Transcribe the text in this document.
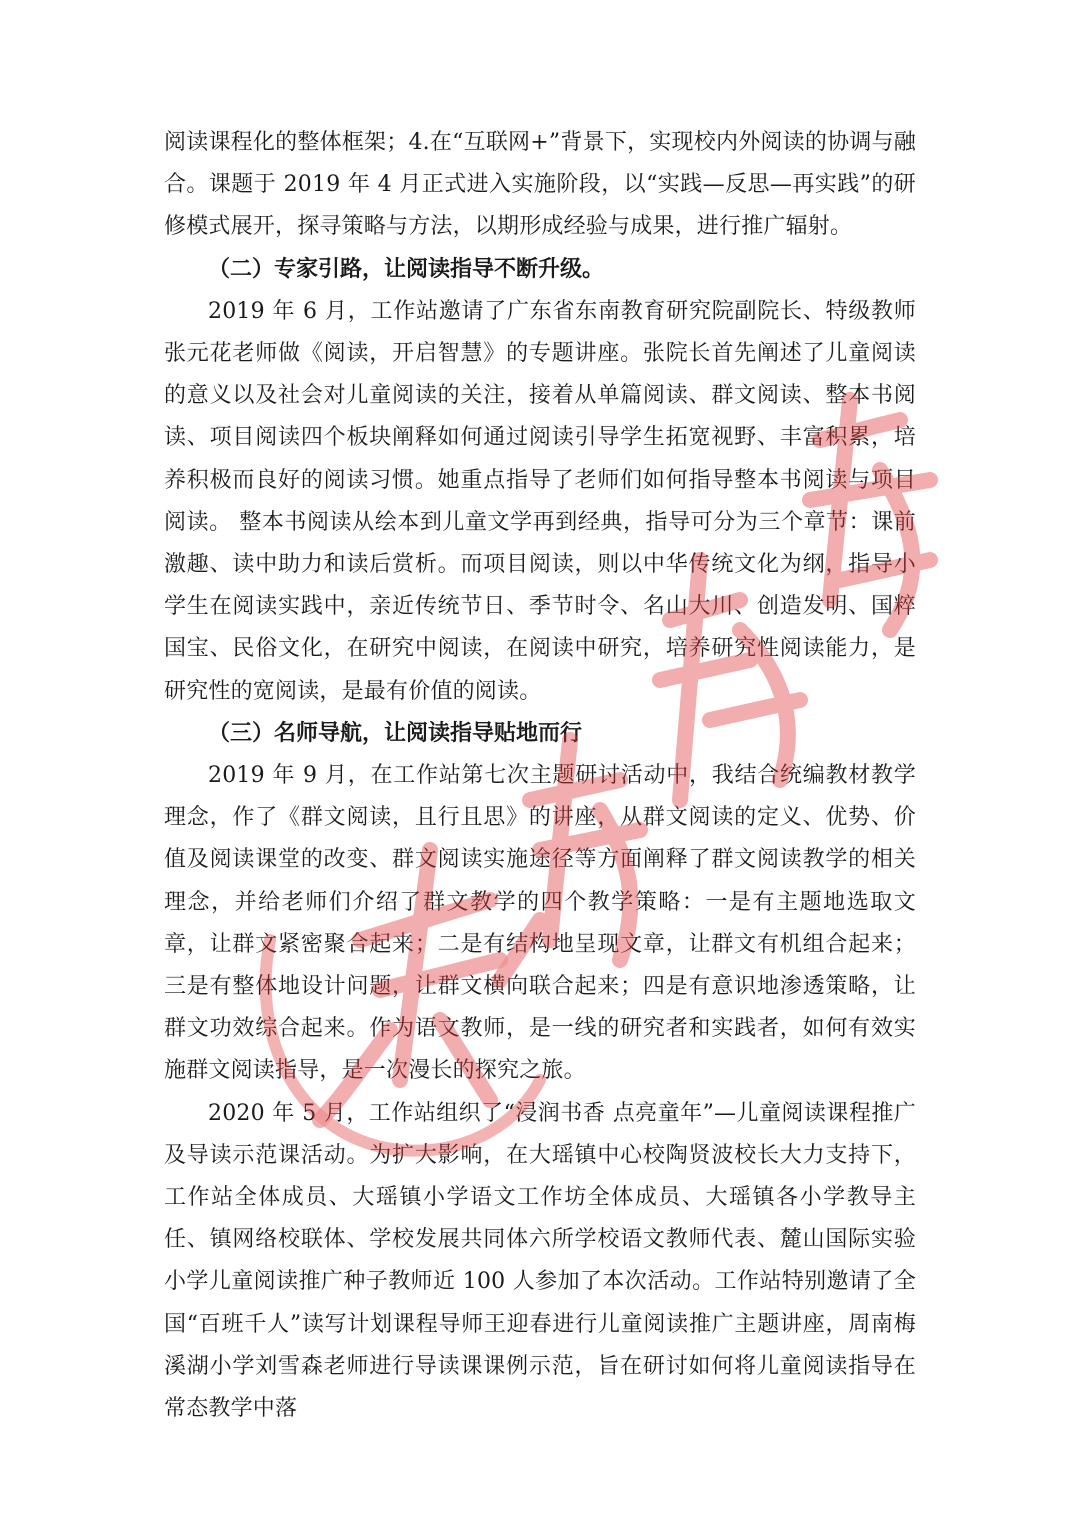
阅读课程化的整体框架；4.在“互联网+”背景下，实现校内外阅读的协调与融合。课题于 2019 年 4 月正式进入实施阶段，以“实践—反思—再实践”的研修模式展开，探寻策略与方法，以期形成经验与成果，进行推广辐射。

（二）专家引路，让阅读指导不断升级。

2019 年 6 月，工作站邀请了广东省东南教育研究院副院长、特级教师张元花老师做《阅读，开启智慧》的专题讲座。张院长首先阐述了儿童阅读的意义以及社会对儿童阅读的关注，接着从单篇阅读、群文阅读、整本书阅读、项目阅读四个板块阐释如何通过阅读引导学生拓宽视野、丰富积累，培养积极而良好的阅读习惯。她重点指导了老师们如何指导整本书阅读与项目阅读。 整本书阅读从绘本到儿童文学再到经典，指导可分为三个章节：课前激趣、读中助力和读后赏析。而项目阅读，则以中华传统文化为纲，指导小学生在阅读实践中，亲近传统节日、季节时令、名山大川、创造发明、国粹国宝、民俗文化，在研究中阅读，在阅读中研究，培养研究性阅读能力，是研究性的宽阅读，是最有价值的阅读。

（三）名师导航，让阅读指导贴地而行

2019 年 9 月，在工作站第七次主题研讨活动中，我结合统编教材教学理念，作了《群文阅读，且行且思》的讲座，从群文阅读的定义、优势、价值及阅读课堂的改变、群文阅读实施途径等方面阐释了群文阅读教学的相关理念，并给老师们介绍了群文教学的四个教学策略：一是有主题地选取文章，让群文紧密聚合起来；二是有结构地呈现文章，让群文有机组合起来；三是有整体地设计问题，让群文横向联合起来；四是有意识地渗透策略，让群文功效综合起来。作为语文教师，是一线的研究者和实践者，如何有效实施群文阅读指导，是一次漫长的探究之旅。

2020 年 5 月，工作站组织了“浸润书香 点亮童年”—儿童阅读课程推广及导读示范课活动。为扩大影响，在大瑶镇中心校陶贤波校长大力支持下，工作站全体成员、大瑶镇小学语文工作坊全体成员、大瑶镇各小学教导主任、镇网络校联体、学校发展共同体六所学校语文教师代表、麓山国际实验小学儿童阅读推广种子教师近 100 人参加了本次活动。工作站特别邀请了全国“百班千人”读写计划课程导师王迎春进行儿童阅读推广主题讲座，周南梅溪湖小学刘雪森老师进行导读课课例示范，旨在研讨如何将儿童阅读指导在常态教学中落
